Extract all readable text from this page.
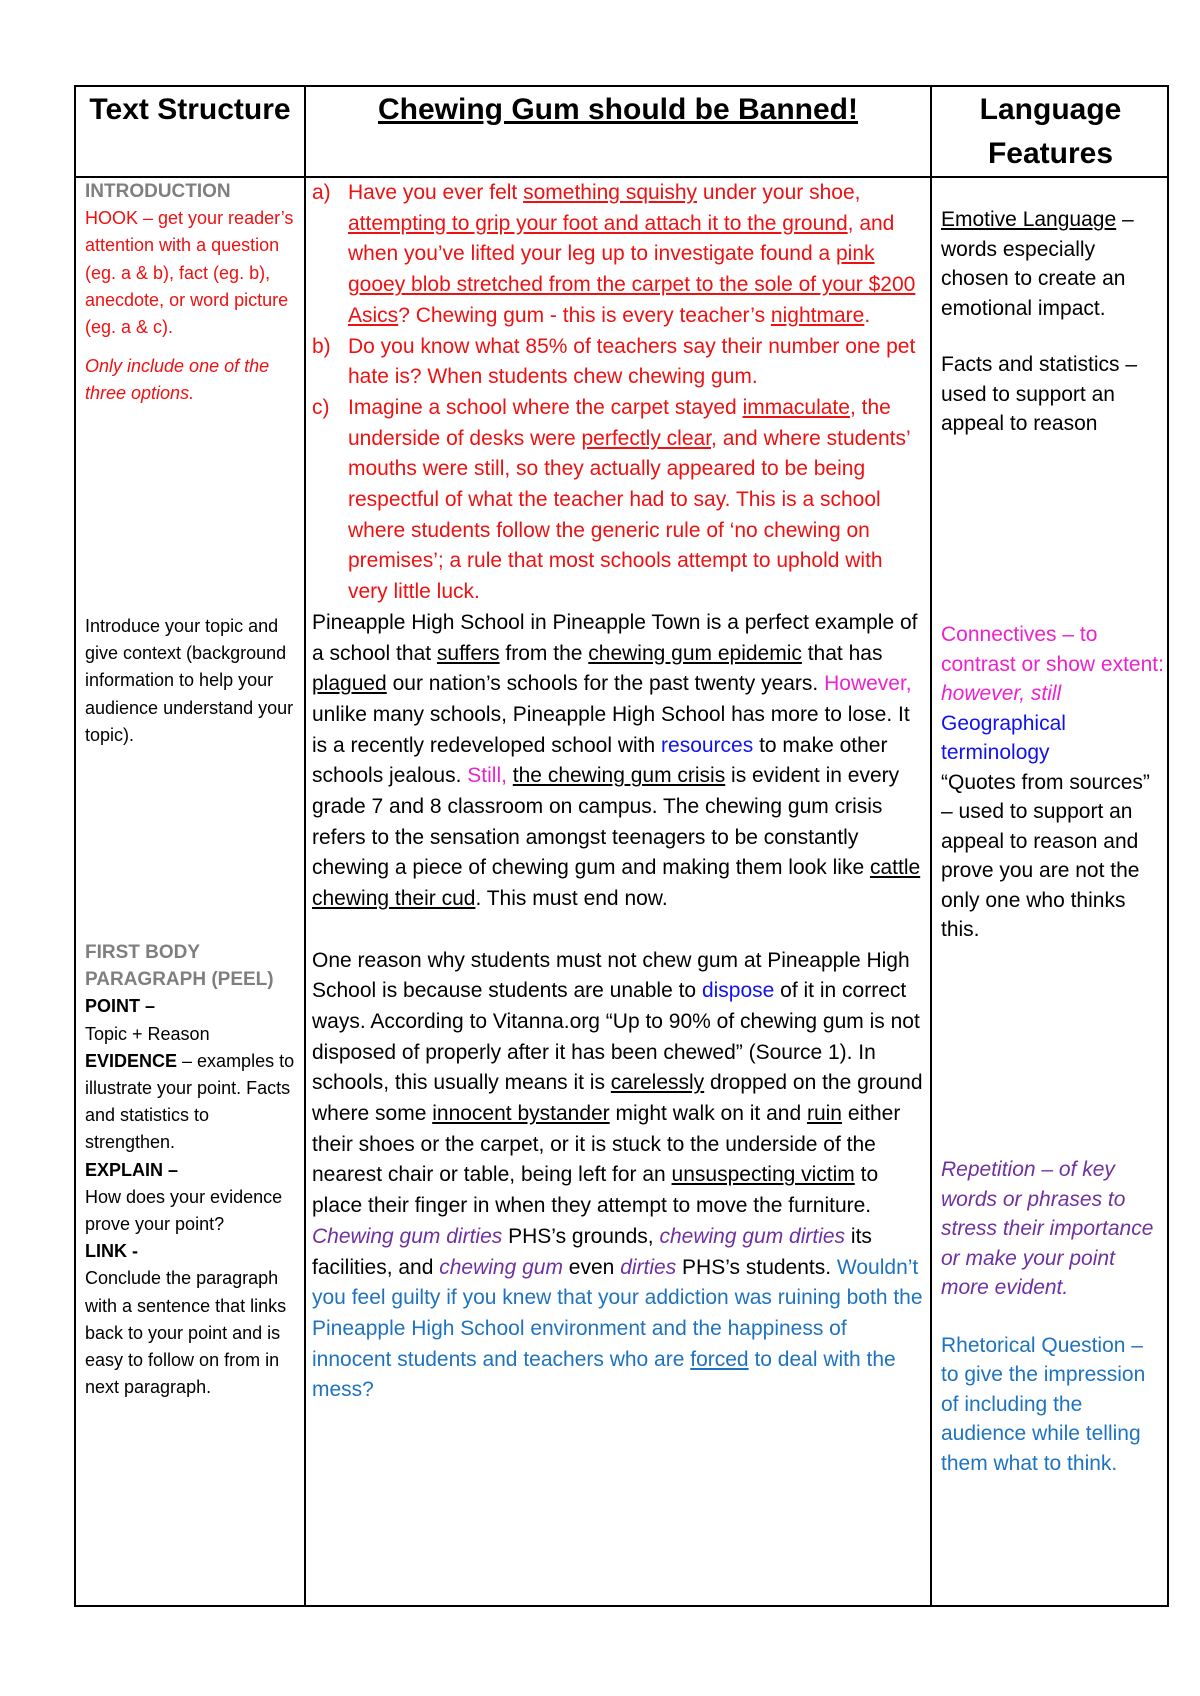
Text Structure	Chewing Gum should be Banned!	Language Features

INTRODUCTION

HOOK – get your reader’s attention with a question (eg. a & b), fact (eg. b), anecdote, or word picture (eg. a & c).

Only include one of the three options.

Introduce your topic and give context (background information to help your audience understand your topic).

FIRST BODY PARAGRAPH (PEEL)

POINT –

Topic + Reason

EVIDENCE – examples to illustrate your point. Facts and statistics to strengthen.

EXPLAIN –

How does your evidence prove your point?

LINK -

Conclude the paragraph with a sentence that links back to your point and is easy to follow on from in next paragraph.

a) Have you ever felt something squishy under your shoe, attempting to grip your foot and attach it to the ground, and when you’ve lifted your leg up to investigate found a pink gooey blob stretched from the carpet to the sole of your $200 Asics? Chewing gum - this is every teacher’s nightmare.
b) Do you know what 85% of teachers say their number one pet hate is? When students chew chewing gum.
c) Imagine a school where the carpet stayed immaculate, the underside of desks were perfectly clear, and where students’ mouths were still, so they actually appeared to be being respectful of what the teacher had to say. This is a school where students follow the generic rule of ‘no chewing on premises’; a rule that most schools attempt to uphold with very little luck.

Pineapple High School in Pineapple Town is a perfect example of a school that suffers from the chewing gum epidemic that has plagued our nation’s schools for the past twenty years. However, unlike many schools, Pineapple High School has more to lose. It is a recently redeveloped school with resources to make other schools jealous. Still, the chewing gum crisis is evident in every grade 7 and 8 classroom on campus. The chewing gum crisis refers to the sensation amongst teenagers to be constantly chewing a piece of chewing gum and making them look like cattle chewing their cud. This must end now.

One reason why students must not chew gum at Pineapple High School is because students are unable to dispose of it in correct ways. According to Vitanna.org “Up to 90% of chewing gum is not disposed of properly after it has been chewed” (Source 1). In schools, this usually means it is carelessly dropped on the ground where some innocent bystander might walk on it and ruin either their shoes or the carpet, or it is stuck to the underside of the nearest chair or table, being left for an unsuspecting victim to place their finger in when they attempt to move the furniture. Chewing gum dirties PHS’s grounds, chewing gum dirties its facilities, and chewing gum even dirties PHS’s students. Wouldn’t you feel guilty if you knew that your addiction was ruining both the Pineapple High School environment and the happiness of innocent students and teachers who are forced to deal with the mess?

Emotive Language – words especially chosen to create an emotional impact.

Facts and statistics – used to support an appeal to reason

Connectives – to contrast or show extent: however, still

Geographical terminology

“Quotes from sources” – used to support an appeal to reason and prove you are not the only one who thinks this.

Repetition – of key words or phrases to stress their importance or make your point more evident.

Rhetorical Question – to give the impression of including the audience while telling them what to think.
